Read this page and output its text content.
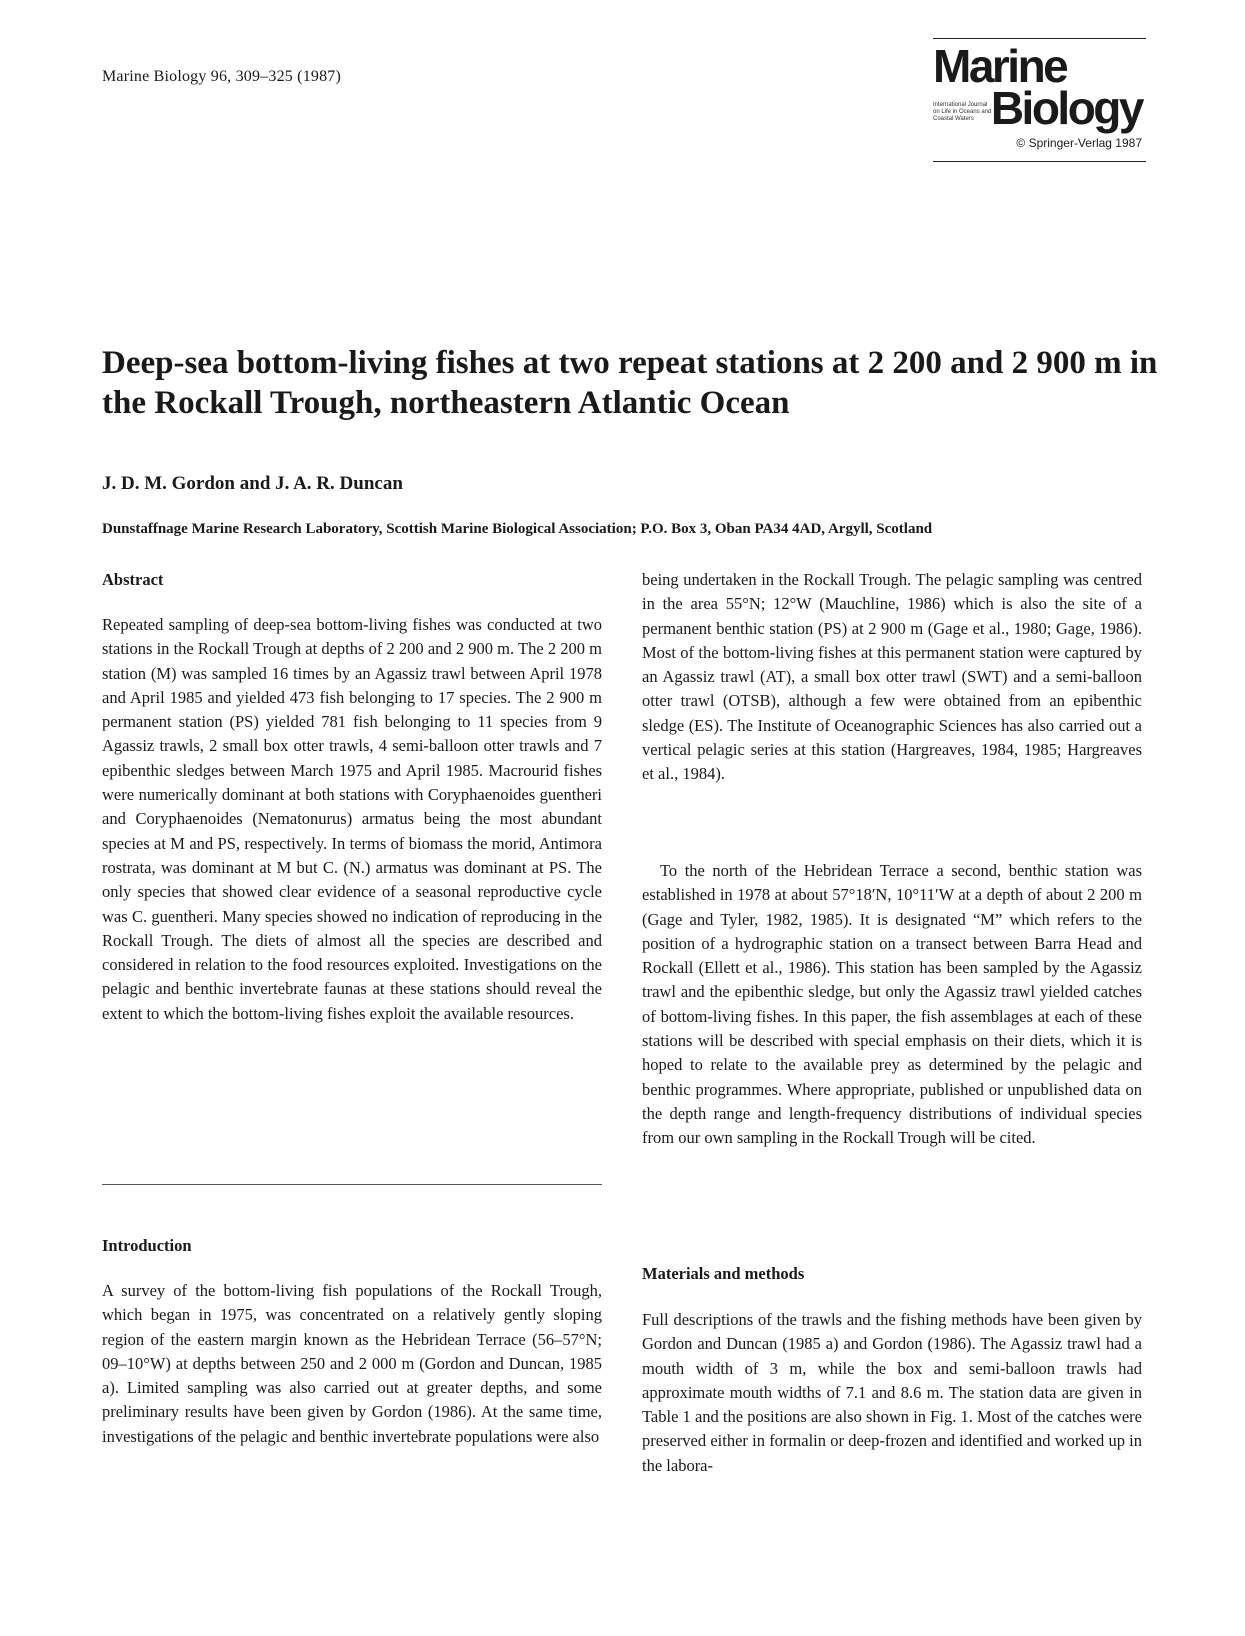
Marine Biology 96, 309–325 (1987)	Marine
International Journal on Life in Oceans and Coastal Waters Biology
© Springer-Verlag 1987
Deep-sea bottom-living fishes at two repeat stations at 2 200 and 2 900 m in the Rockall Trough, northeastern Atlantic Ocean

J. D. M. Gordon and J. A. R. Duncan

Dunstaffnage Marine Research Laboratory, Scottish Marine Biological Association; P.O. Box 3, Oban PA34 4AD, Argyll, Scotland

Abstract

Repeated sampling of deep-sea bottom-living fishes was conducted at two stations in the Rockall Trough at depths of 2 200 and 2 900 m. The 2 200 m station (M) was sampled 16 times by an Agassiz trawl between April 1978 and April 1985 and yielded 473 fish belonging to 17 species. The 2 900 m permanent station (PS) yielded 781 fish belonging to 11 species from 9 Agassiz trawls, 2 small box otter trawls, 4 semi-balloon otter trawls and 7 epibenthic sledges between March 1975 and April 1985. Macrourid fishes were numerically dominant at both stations with Coryphaenoides guentheri and Coryphaenoides (Nematonurus) armatus being the most abundant species at M and PS, respectively. In terms of biomass the morid, Antimora rostrata, was dominant at M but C. (N.) armatus was dominant at PS. The only species that showed clear evidence of a seasonal reproductive cycle was C. guentheri. Many species showed no indication of reproducing in the Rockall Trough. The diets of almost all the species are described and considered in relation to the food resources exploited. Investigations on the pelagic and benthic invertebrate faunas at these stations should reveal the extent to which the bottom-living fishes exploit the available resources.

Introduction

A survey of the bottom-living fish populations of the Rockall Trough, which began in 1975, was concentrated on a relatively gently sloping region of the eastern margin known as the Hebridean Terrace (56–57°N; 09–10°W) at depths between 250 and 2 000 m (Gordon and Duncan, 1985 a). Limited sampling was also carried out at greater depths, and some preliminary results have been given by Gordon (1986). At the same time, investigations of the pelagic and benthic invertebrate populations were also

being undertaken in the Rockall Trough. The pelagic sampling was centred in the area 55°N; 12°W (Mauchline, 1986) which is also the site of a permanent benthic station (PS) at 2 900 m (Gage et al., 1980; Gage, 1986). Most of the bottom-living fishes at this permanent station were captured by an Agassiz trawl (AT), a small box otter trawl (SWT) and a semi-balloon otter trawl (OTSB), although a few were obtained from an epibenthic sledge (ES). The Institute of Oceanographic Sciences has also carried out a vertical pelagic series at this station (Hargreaves, 1984, 1985; Hargreaves et al., 1984).

To the north of the Hebridean Terrace a second, benthic station was established in 1978 at about 57°18′N, 10°11′W at a depth of about 2 200 m (Gage and Tyler, 1982, 1985). It is designated “M” which refers to the position of a hydrographic station on a transect between Barra Head and Rockall (Ellett et al., 1986). This station has been sampled by the Agassiz trawl and the epibenthic sledge, but only the Agassiz trawl yielded catches of bottom-living fishes. In this paper, the fish assemblages at each of these stations will be described with special emphasis on their diets, which it is hoped to relate to the available prey as determined by the pelagic and benthic programmes. Where appropriate, published or unpublished data on the depth range and length-frequency distributions of individual species from our own sampling in the Rockall Trough will be cited.

Materials and methods

Full descriptions of the trawls and the fishing methods have been given by Gordon and Duncan (1985 a) and Gordon (1986). The Agassiz trawl had a mouth width of 3 m, while the box and semi-balloon trawls had approximate mouth widths of 7.1 and 8.6 m. The station data are given in Table 1 and the positions are also shown in Fig. 1. Most of the catches were preserved either in formalin or deep-frozen and identified and worked up in the labora-
